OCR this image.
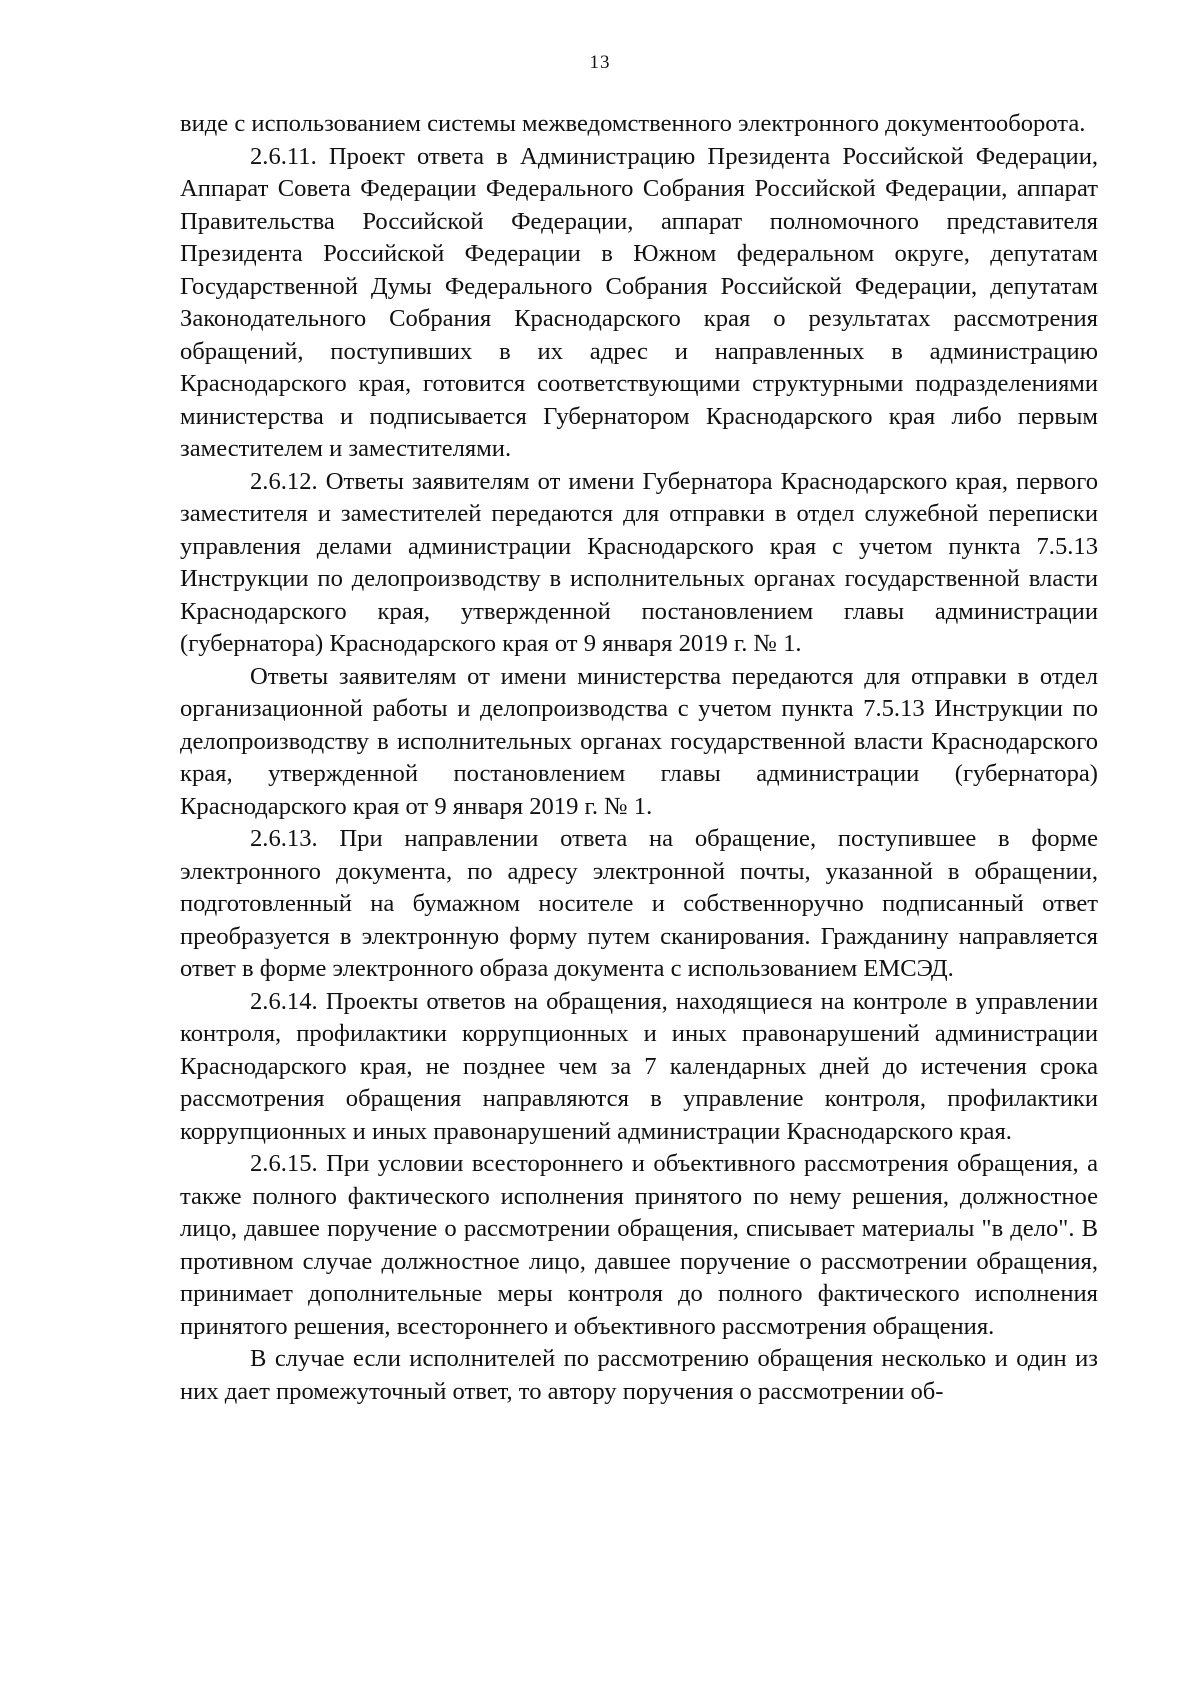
13

виде с использованием системы межведомственного электронного документооборота.

2.6.11. Проект ответа в Администрацию Президента Российской Федерации, Аппарат Совета Федерации Федерального Собрания Российской Федерации, аппарат Правительства Российской Федерации, аппарат полномочного представителя Президента Российской Федерации в Южном федеральном округе, депутатам Государственной Думы Федерального Собрания Российской Федерации, депутатам Законодательного Собрания Краснодарского края о результатах рассмотрения обращений, поступивших в их адрес и направленных в администрацию Краснодарского края, готовится соответствующими структурными подразделениями министерства и подписывается Губернатором Краснодарского края либо первым заместителем и заместителями.

2.6.12. Ответы заявителям от имени Губернатора Краснодарского края, первого заместителя и заместителей передаются для отправки в отдел служебной переписки управления делами администрации Краснодарского края с учетом пункта 7.5.13 Инструкции по делопроизводству в исполнительных органах государственной власти Краснодарского края, утвержденной постановлением главы администрации (губернатора) Краснодарского края от 9 января 2019 г. № 1.

Ответы заявителям от имени министерства передаются для отправки в отдел организационной работы и делопроизводства с учетом пункта 7.5.13 Инструкции по делопроизводству в исполнительных органах государственной власти Краснодарского края, утвержденной постановлением главы администрации (губернатора) Краснодарского края от 9 января 2019 г. № 1.

2.6.13. При направлении ответа на обращение, поступившее в форме электронного документа, по адресу электронной почты, указанной в обращении, подготовленный на бумажном носителе и собственноручно подписанный ответ преобразуется в электронную форму путем сканирования. Гражданину направляется ответ в форме электронного образа документа с использованием ЕМСЭД.

2.6.14. Проекты ответов на обращения, находящиеся на контроле в управлении контроля, профилактики коррупционных и иных правонарушений администрации Краснодарского края, не позднее чем за 7 календарных дней до истечения срока рассмотрения обращения направляются в управление контроля, профилактики коррупционных и иных правонарушений администрации Краснодарского края.

2.6.15. При условии всестороннего и объективного рассмотрения обращения, а также полного фактического исполнения принятого по нему решения, должностное лицо, давшее поручение о рассмотрении обращения, списывает материалы "в дело". В противном случае должностное лицо, давшее поручение о рассмотрении обращения, принимает дополнительные меры контроля до полного фактического исполнения принятого решения, всестороннего и объективного рассмотрения обращения.

В случае если исполнителей по рассмотрению обращения несколько и один из них дает промежуточный ответ, то автору поручения о рассмотрении об-
